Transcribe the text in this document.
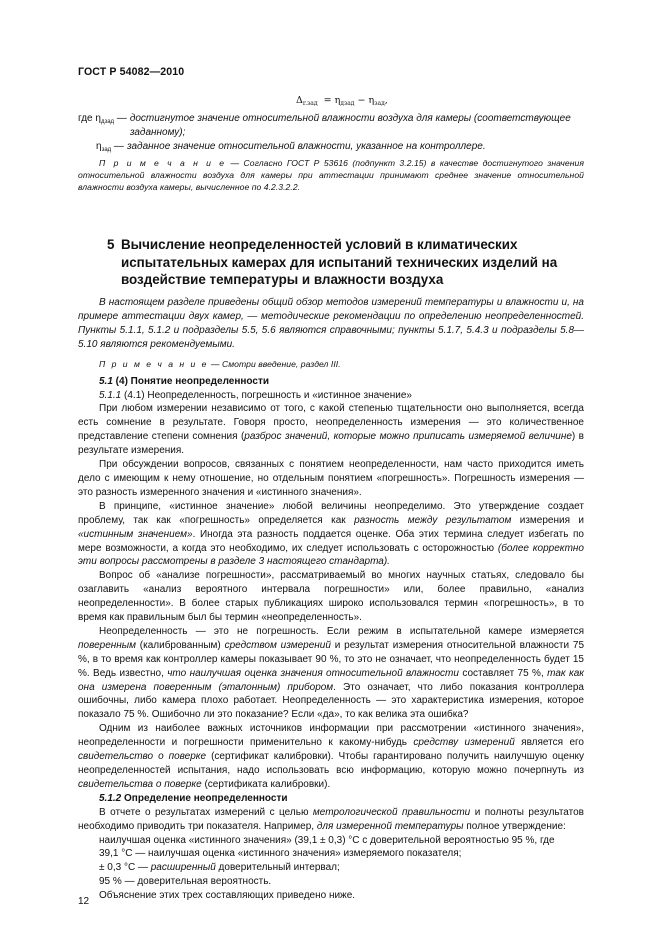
ГОСТ Р 54082—2010
$\Delta_{r.зад} = \eta_{дзад} - \eta_{зад}$,
где $\eta_{дзад}$ — достигнутое значение относительной влажности воздуха для камеры (соответствующее заданному);
$\eta_{зад}$ — заданное значение относительной влажности, указанное на контроллере.
П р и м е ч а н и е — Согласно ГОСТ Р 53616 (подпункт 3.2.15) в качестве достигнутого значения относительной влажности воздуха для камеры при аттестации принимают среднее значение относительной влажности воздуха камеры, вычисленное по 4.2.3.2.2.
5 Вычисление неопределенностей условий в климатических испытательных камерах для испытаний технических изделий на воздействие температуры и влажности воздуха

В настоящем разделе приведены общий обзор методов измерений температуры и влажности и, на примере аттестации двух камер, — методические рекомендации по определению неопределенностей. Пункты 5.1.1, 5.1.2 и подразделы 5.5, 5.6 являются справочными; пункты 5.1.7, 5.4.3 и подразделы 5.8—5.10 являются рекомендуемыми.

П р и м е ч а н и е — Смотри введение, раздел III.

5.1 (4) Понятие неопределенности

5.1.1 (4.1) Неопределенность, погрешность и «истинное значение»

При любом измерении независимо от того, с какой степенью тщательности оно выполняется, всегда есть сомнение в результате. Говоря просто, неопределенность измерения — это количественное представление степени сомнения (разброс значений, которые можно приписать измеряемой величине) в результате измерения.

При обсуждении вопросов, связанных с понятием неопределенности, нам часто приходится иметь дело с имеющим к нему отношение, но отдельным понятием «погрешность». Погрешность измерения — это разность измеренного значения и «истинного значения».

В принципе, «истинное значение» любой величины неопределимо. Это утверждение создает проблему, так как «погрешность» определяется как разность между результатом измерения и «истинным значением». Иногда эта разность поддается оценке. Оба этих термина следует избегать по мере возможности, а когда это необходимо, их следует использовать с осторожностью (более корректно эти вопросы рассмотрены в разделе 3 настоящего стандарта).

Вопрос об «анализе погрешности», рассматриваемый во многих научных статьях, следовало бы озаглавить «анализ вероятного интервала погрешности» или, более правильно, «анализ неопределенности». В более старых публикациях широко использовался термин «погрешность», в то время как правильным был бы термин «неопределенность».

Неопределенность — это не погрешность. Если режим в испытательной камере измеряется поверенным (калиброванным) средством измерений и результат измерения относительной влажности 75 %, в то время как контроллер камеры показывает 90 %, то это не означает, что неопределенность будет 15 %. Ведь известно, что наилучшая оценка значения относительной влажности составляет 75 %, так как она измерена поверенным (эталонным) прибором. Это означает, что либо показания контроллера ошибочны, либо камера плохо работает. Неопределенность — это характеристика измерения, которое показало 75 %. Ошибочно ли это показание? Если «да», то как велика эта ошибка?

Одним из наиболее важных источников информации при рассмотрении «истинного значения», неопределенности и погрешности применительно к какому-нибудь средству измерений является его свидетельство о поверке (сертификат калибровки). Чтобы гарантировано получить наилучшую оценку неопределенностей испытания, надо использовать всю информацию, которую можно почерпнуть из свидетельства о поверке (сертификата калибровки).

5.1.2 Определение неопределенности

В отчете о результатах измерений с целью метрологической правильности и полноты результатов необходимо приводить три показателя. Например, для измеренной температуры полное утверждение:

наилучшая оценка «истинного значения» (39,1 ± 0,3) °С с доверительной вероятностью 95 %, где

39,1 °С — наилучшая оценка «истинного значения» измеряемого показателя;

± 0,3 °С — расширенный доверительный интервал;

95 % — доверительная вероятность.

Объяснение этих трех составляющих приведено ниже.

12
